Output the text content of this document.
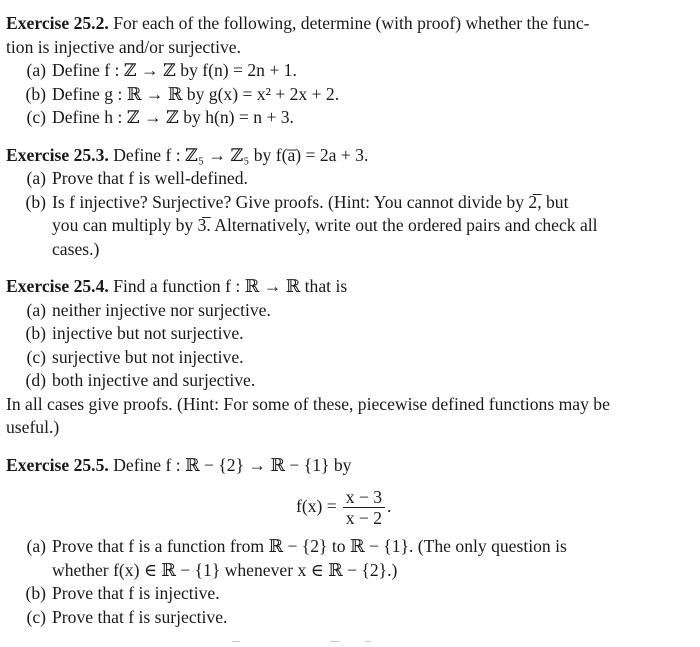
Exercise 25.2. For each of the following, determine (with proof) whether the func-
tion is injective and/or surjective.
(a) Define f : ℤ → ℤ by f(n) = 2n + 1.
(b) Define g : ℝ → ℝ by g(x) = x² + 2x + 2.
(c) Define h : ℤ → ℤ by h(n) = n + 3.
Exercise 25.3. Define f : ℤ₅ → ℤ₅ by f(a̅) = 2a + 3.
(a) Prove that f is well-defined.
(b) Is f injective? Surjective? Give proofs. (Hint: You cannot divide by 2̅, but
you can multiply by 3̅. Alternatively, write out the ordered pairs and check all
cases.)
Exercise 25.4. Find a function f : ℝ → ℝ that is
(a) neither injective nor surjective.
(b) injective but not surjective.
(c) surjective but not injective.
(d) both injective and surjective.
In all cases give proofs. (Hint: For some of these, piecewise defined functions may be
useful.)
Exercise 25.5. Define f : ℝ − {2} → ℝ − {1} by
$f(x) = \frac{x - 3}{x - 2}$ .
(a) Prove that f is a function from ℝ − {2} to ℝ − {1}. (The only question is
whether f(x) ∈ ℝ − {1} whenever x ∈ ℝ − {2}.)
(b) Prove that f is injective.
(c) Prove that f is surjective.
